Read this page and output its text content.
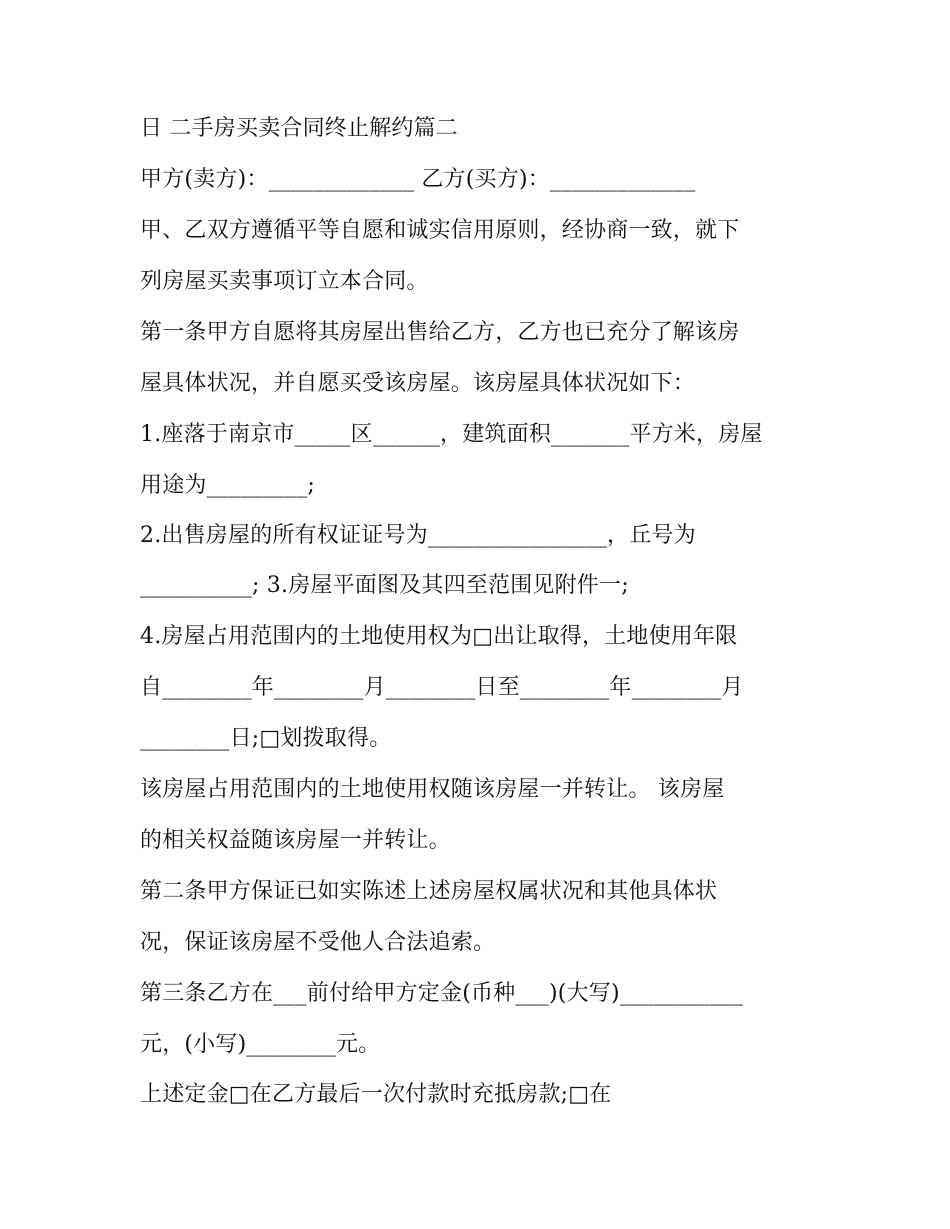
日 二手房买卖合同终止解约篇二
甲方(卖方)：_____________ 乙方(买方)：_____________
甲、乙双方遵循平等自愿和诚实信用原则，经协商一致，就下
列房屋买卖事项订立本合同。
第一条甲方自愿将其房屋出售给乙方，乙方也已充分了解该房
屋具体状况，并自愿买受该房屋。该房屋具体状况如下：
1.座落于南京市_____区______，建筑面积_______平方米，房屋
用途为_________;
2.出售房屋的所有权证证号为________________，丘号为
__________; 3.房屋平面图及其四至范围见附件一;
4.房屋占用范围内的土地使用权为□出让取得，土地使用年限
自________年________月________日至________年________月
________日;□划拨取得。
该房屋占用范围内的土地使用权随该房屋一并转让。 该房屋
的相关权益随该房屋一并转让。
第二条甲方保证已如实陈述上述房屋权属状况和其他具体状
况，保证该房屋不受他人合法追索。
第三条乙方在___前付给甲方定金(币种___)(大写)___________
元，(小写)________元。
上述定金□在乙方最后一次付款时充抵房款;□在
